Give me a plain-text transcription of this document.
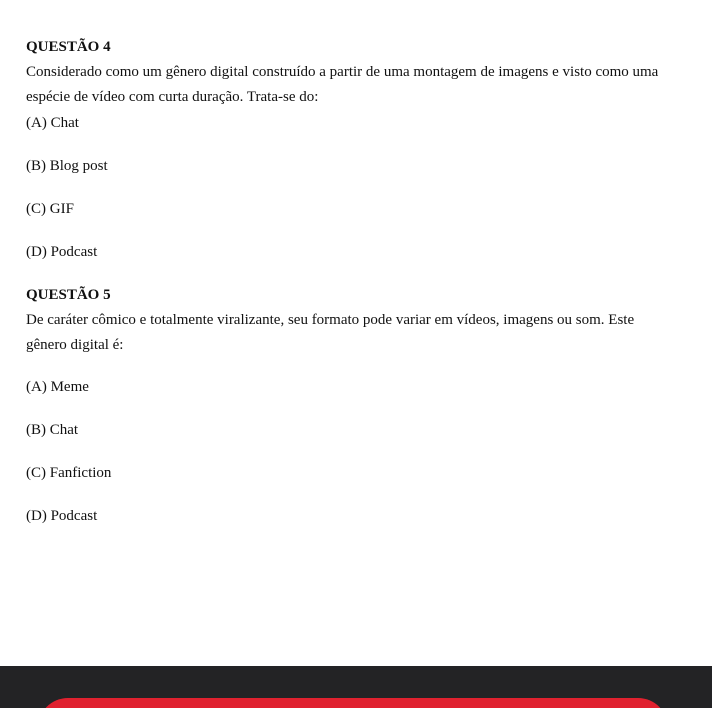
QUESTÃO 4

Considerado como um gênero digital construído a partir de uma montagem de imagens e visto como uma espécie de vídeo com curta duração. Trata-se do:

(A) Chat
(B) Blog post
(C) GIF
(D) Podcast

QUESTÃO 5

De caráter cômico e totalmente viralizante, seu formato pode variar em vídeos, imagens ou som. Este gênero digital é:

(A) Meme
(B) Chat
(C) Fanfiction
(D) Podcast
